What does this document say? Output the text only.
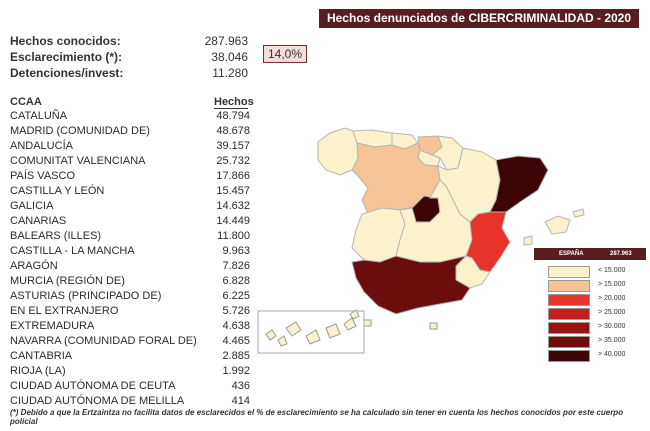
Hechos denunciados de CIBERCRIMINALIDAD - 2020
Hechos conocidos:	287.963
Esclarecimiento (*):	38.046	14,0%
Detenciones/invest:	11.280
CCAA	Hechos
CATALUÑA	48.794
MADRID (COMUNIDAD DE)	48.678
ANDALUCÍA	39.157
COMUNITAT VALENCIANA	25.732
PAÍS VASCO	17.866
CASTILLA Y LEÓN	15.457
GALICIA	14.632
CANARIAS	14.449
BALEARS (ILLES)	11.800
CASTILLA - LA MANCHA	9.963
ARAGÓN	7.826
MURCIA (REGIÓN DE)	6.828
ASTURIAS (PRINCIPADO DE)	6.225
EN EL EXTRANJERO	5.726
EXTREMADURA	4.638
NAVARRA (COMUNIDAD FORAL DE) 4.465
CANTABRIA	2.885
RIOJA (LA)	1.992
CIUDAD AUTÓNOMA DE CEUTA	436
CIUDAD AUTÓNOMA DE MELILLA	414
(*) Debido a que la Ertzaintza no facilita datos de esclarecidos el % de esclarecimiento se ha calculado sin tener en cuenta los hechos conocidos por este cuerpo policial
ESPAÑA	287.963
< 15.000
> 15.000
> 20.000
> 25.000
> 30.000
> 35.000
> 40.000
